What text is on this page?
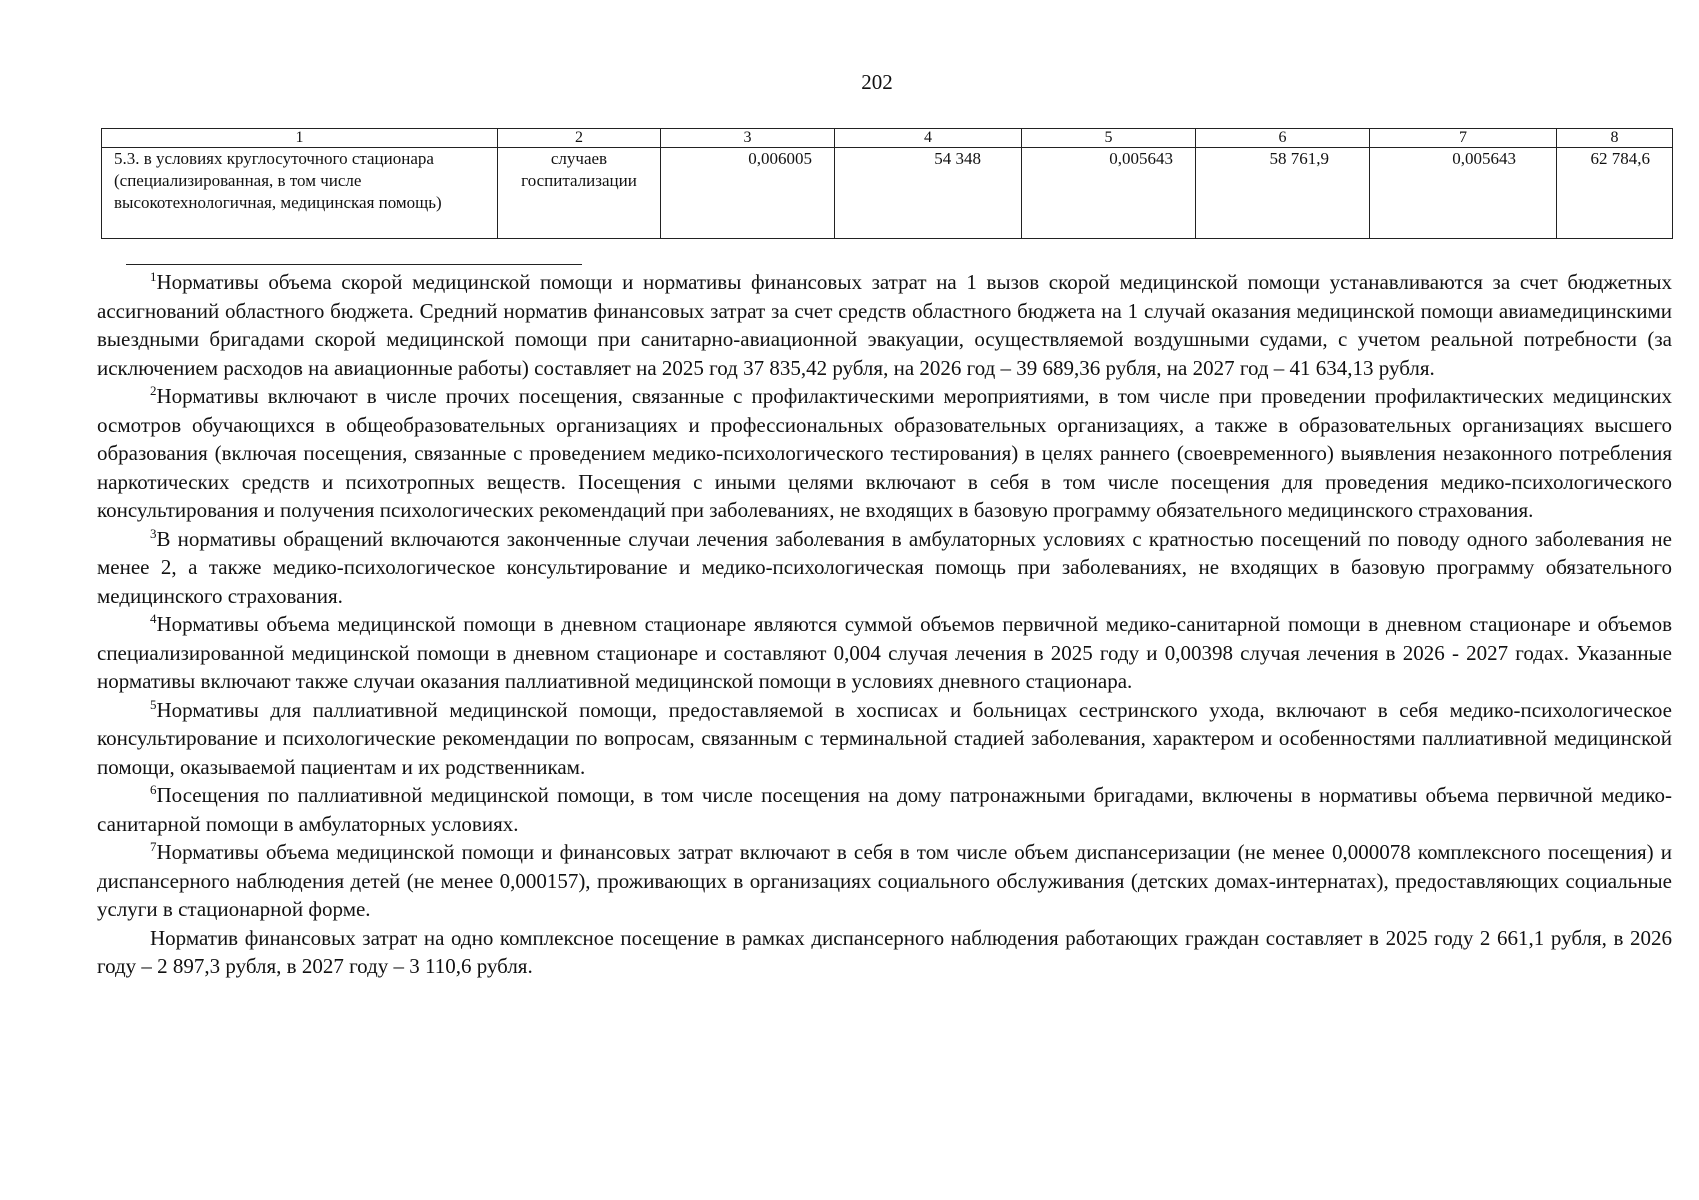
202
1	2	3	4	5	6	7	8
5.3. в условиях круглосуточного стационара (специализированная, в том числе высокотехнологичная, медицинская помощь)	случаев госпитализации	0,006005	54 348	0,005643	58 761,9	0,005643	62 784,6

$^1$Нормативы объема скорой медицинской помощи и нормативы финансовых затрат на 1 вызов скорой медицинской помощи устанавливаются за счет бюджетных ассигнований областного бюджета. Средний норматив финансовых затрат за счет средств областного бюджета на 1 случай оказания медицинской помощи авиамедицинскими выездными бригадами скорой медицинской помощи при санитарно-авиационной эвакуации, осуществляемой воздушными судами, с учетом реальной потребности (за исключением расходов на авиационные работы) составляет на 2025 год 37 835,42 рубля, на 2026 год – 39 689,36 рубля, на 2027 год – 41 634,13 рубля.

$^2$Нормативы включают в числе прочих посещения, связанные с профилактическими мероприятиями, в том числе при проведении профилактических медицинских осмотров обучающихся в общеобразовательных организациях и профессиональных образовательных организациях, а также в образовательных организациях высшего образования (включая посещения, связанные с проведением медико-психологического тестирования) в целях раннего (своевременного) выявления незаконного потребления наркотических средств и психотропных веществ. Посещения с иными целями включают в себя в том числе посещения для проведения медико-психологического консультирования и получения психологических рекомендаций при заболеваниях, не входящих в базовую программу обязательного медицинского страхования.

$^3$В нормативы обращений включаются законченные случаи лечения заболевания в амбулаторных условиях с кратностью посещений по поводу одного заболевания не менее 2, а также медико-психологическое консультирование и медико-психологическая помощь при заболеваниях, не входящих в базовую программу обязательного медицинского страхования.

$^4$Нормативы объема медицинской помощи в дневном стационаре являются суммой объемов первичной медико-санитарной помощи в дневном стационаре и объемов специализированной медицинской помощи в дневном стационаре и составляют 0,004 случая лечения в 2025 году и 0,00398 случая лечения в 2026 - 2027 годах. Указанные нормативы включают также случаи оказания паллиативной медицинской помощи в условиях дневного стационара.

$^5$Нормативы для паллиативной медицинской помощи, предоставляемой в хосписах и больницах сестринского ухода, включают в себя медико-психологическое консультирование и психологические рекомендации по вопросам, связанным с терминальной стадией заболевания, характером и особенностями паллиативной медицинской помощи, оказываемой пациентам и их родственникам.

$^6$Посещения по паллиативной медицинской помощи, в том числе посещения на дому патронажными бригадами, включены в нормативы объема первичной медико-санитарной помощи в амбулаторных условиях.

$^7$Нормативы объема медицинской помощи и финансовых затрат включают в себя в том числе объем диспансеризации (не менее 0,000078 комплексного посещения) и диспансерного наблюдения детей (не менее 0,000157), проживающих в организациях социального обслуживания (детских домах-интернатах), предоставляющих социальные услуги в стационарной форме.

Норматив финансовых затрат на одно комплексное посещение в рамках диспансерного наблюдения работающих граждан составляет в 2025 году 2 661,1 рубля, в 2026 году – 2 897,3 рубля, в 2027 году – 3 110,6 рубля.
